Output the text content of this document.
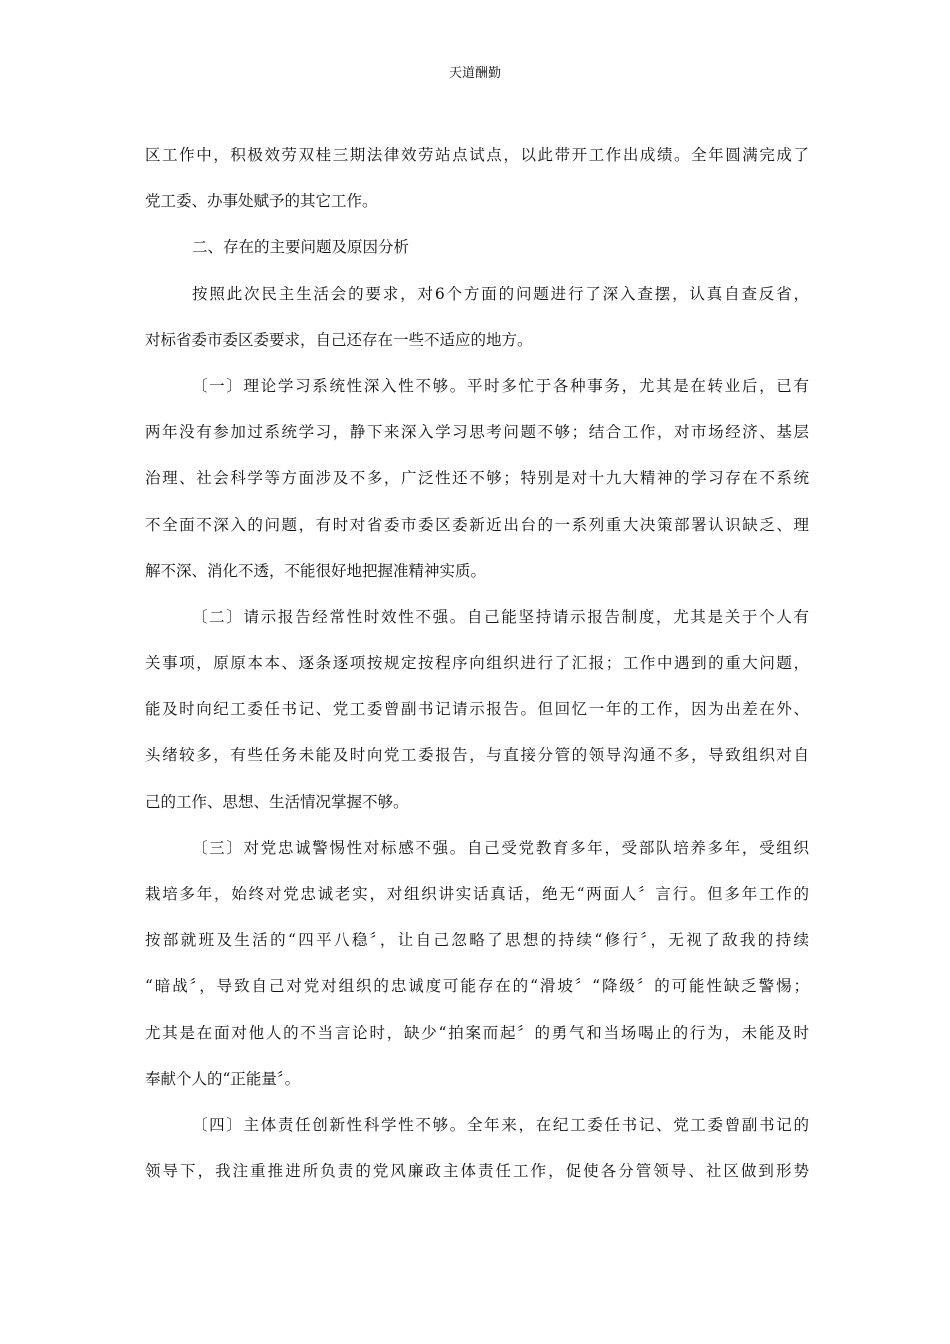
天道酬勤
区工作中，积极效劳双桂三期法律效劳站点试点，以此带开工作出成绩。全年圆满完成了
党工委、办事处赋予的其它工作。
二、存在的主要问题及原因分析
按照此次民主生活会的要求，对6个方面的问题进行了深入查摆，认真自查反省，
对标省委市委区委要求，自己还存在一些不适应的地方。
〔一〕理论学习系统性深入性不够。平时多忙于各种事务，尤其是在转业后，已有
两年没有参加过系统学习，静下来深入学习思考问题不够；结合工作，对市场经济、基层
治理、社会科学等方面涉及不多，广泛性还不够；特别是对十九大精神的学习存在不系统
不全面不深入的问题，有时对省委市委区委新近出台的一系列重大决策部署认识缺乏、理
解不深、消化不透，不能很好地把握准精神实质。
〔二〕请示报告经常性时效性不强。自己能坚持请示报告制度，尤其是关于个人有
关事项，原原本本、逐条逐项按规定按程序向组织进行了汇报；工作中遇到的重大问题，
能及时向纪工委任书记、党工委曾副书记请示报告。但回忆一年的工作，因为出差在外、
头绪较多，有些任务未能及时向党工委报告，与直接分管的领导沟通不多，导致组织对自
己的工作、思想、生活情况掌握不够。
〔三〕对党忠诚警惕性对标感不强。自己受党教育多年，受部队培养多年，受组织
栽培多年，始终对党忠诚老实，对组织讲实话真话，绝无“两面人〞言行。但多年工作的
按部就班及生活的“四平八稳〞，让自己忽略了思想的持续“修行〞，无视了敌我的持续
“暗战〞，导致自己对党对组织的忠诚度可能存在的“滑坡〞“降级〞的可能性缺乏警惕；
尤其是在面对他人的不当言论时，缺少“拍案而起〞的勇气和当场喝止的行为，未能及时
奉献个人的“正能量〞。
〔四〕主体责任创新性科学性不够。全年来，在纪工委任书记、党工委曾副书记的
领导下，我注重推进所负责的党风廉政主体责任工作，促使各分管领导、社区做到形势
